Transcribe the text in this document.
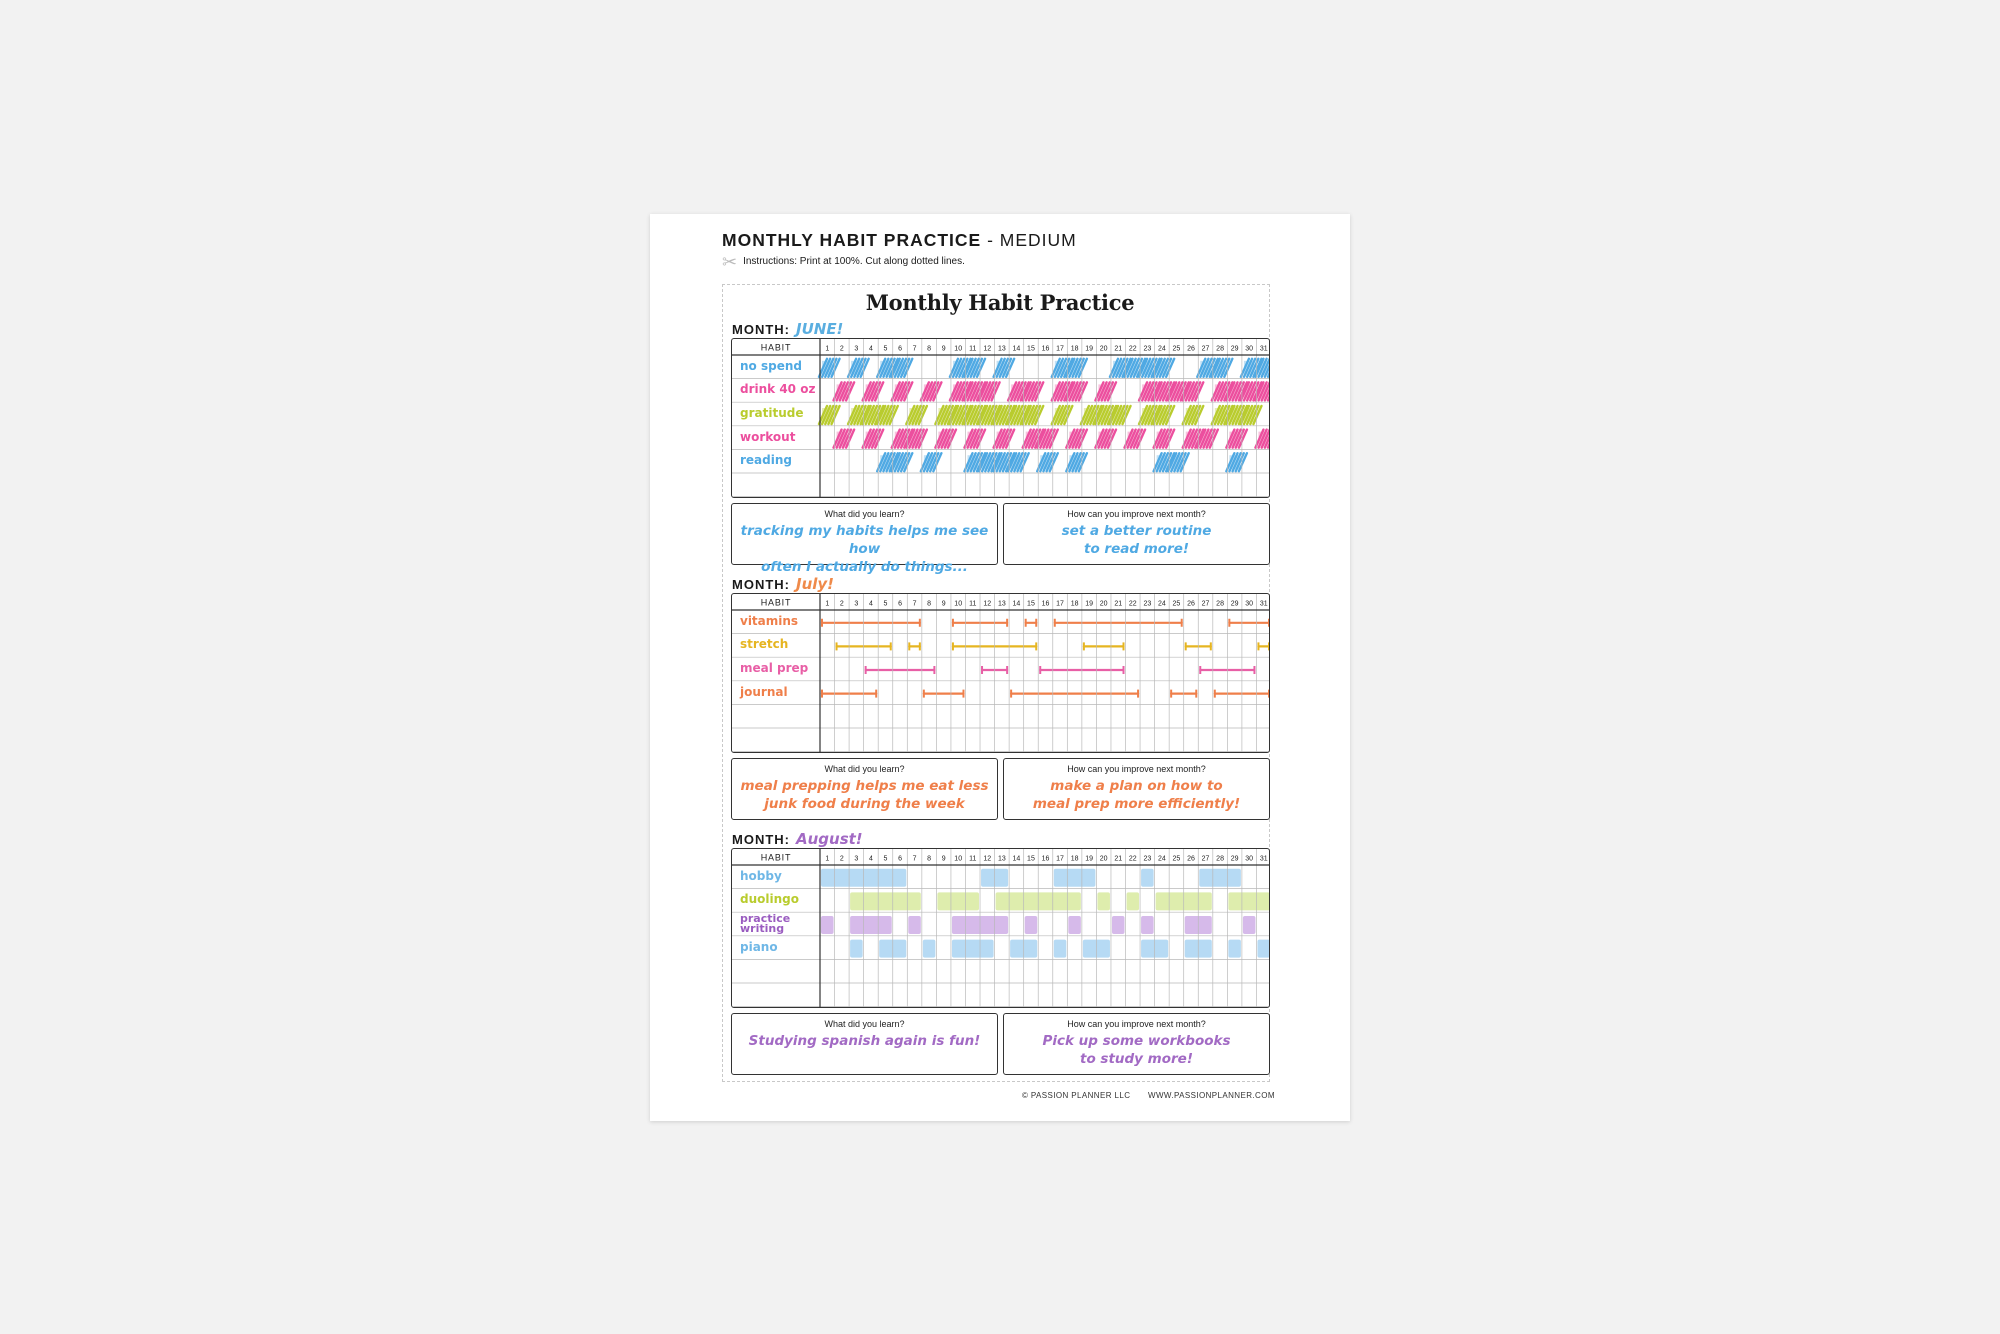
MONTHLY HABIT PRACTICE - MEDIUM
✂ Instructions: Print at 100%. Cut along dotted lines.
Monthly Habit Practice
MONTH: JUNE!
HABIT	1 2 3 4 5 6 7 8 9 10 11 12 13 14 15 16 17 18 19 20 21 22 23 24 25 26 27 28 29 30 31
no spend
drink 40 oz
gratitude
workout
reading
What did you learn?
tracking my habits helps me see how
often I actually do things...
How can you improve next month?
set a better routine
to read more!
MONTH: July!
HABIT	1 2 3 4 5 6 7 8 9 10 11 12 13 14 15 16 17 18 19 20 21 22 23 24 25 26 27 28 29 30 31
vitamins
stretch
meal prep
journal
What did you learn?
meal prepping helps me eat less
junk food during the week
How can you improve next month?
make a plan on how to
meal prep more efficiently!
MONTH: August!
HABIT	1 2 3 4 5 6 7 8 9 10 11 12 13 14 15 16 17 18 19 20 21 22 23 24 25 26 27 28 29 30 31
hobby
duolingo
practice writing
piano
What did you learn?
Studying spanish again is fun!
How can you improve next month?
Pick up some workbooks
to study more!
© PASSION PLANNER LLC WWW.PASSIONPLANNER.COM
